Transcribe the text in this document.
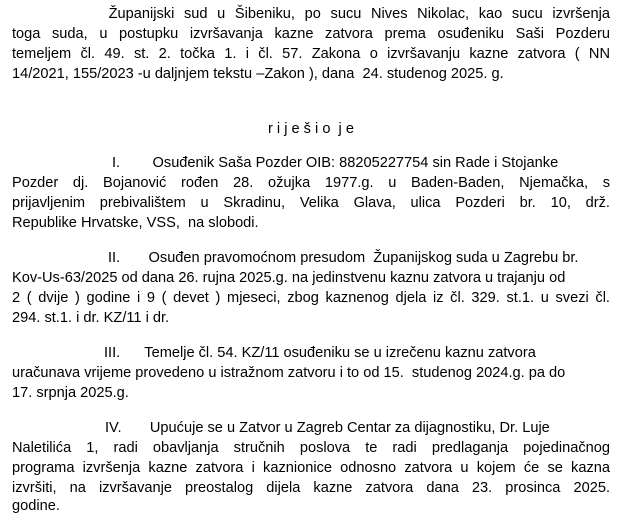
Županijski sud u Šibeniku, po sucu Nives Nikolac, kao sucu izvršenja
toga suda, u postupku izvršavanja kazne zatvora prema osuđeniku Saši Pozderu
temeljem čl. 49. st. 2. točka 1. i čl. 57. Zakona o izvršavanju kazne zatvora ( NN
14/2021, 155/2023 -u daljnjem tekstu –Zakon ), dana  24. studenog 2025. g.
r i j e š i o  j e
I.        Osuđenik Saša Pozder OIB: 88205227754 sin Rade i Stojanke
Pozder dj. Bojanović rođen 28. ožujka 1977.g. u Baden-Baden, Njemačka, s
prijavljenim prebivalištem u Skradinu, Velika Glava, ulica Pozderi br. 10, drž.
Republike Hrvatske, VSS,  na slobodi.
II.       Osuđen pravomoćnom presudom  Županijskog suda u Zagrebu br.
Kov-Us-63/2025 od dana 26. rujna 2025.g. na jedinstvenu kaznu zatvora u trajanju od
2 ( dvije ) godine i 9 ( devet ) mjeseci, zbog kaznenog djela iz čl. 329. st.1. u svezi čl.
294. st.1. i dr. KZ/11 i dr.
III.      Temelje čl. 54. KZ/11 osuđeniku se u izrečenu kaznu zatvora
uračunava vrijeme provedeno u istražnom zatvoru i to od 15.  studenog 2024.g. pa do
17. srpnja 2025.g.
IV.       Upućuje se u Zatvor u Zagreb Centar za dijagnostiku, Dr. Luje
Naletilića 1, radi obavljanja stručnih poslova te radi predlaganja pojedinačnog
programa izvršenja kazne zatvora i kaznionice odnosno zatvora u kojem će se kazna
izvršiti, na izvršavanje preostalog dijela kazne zatvora dana 23. prosinca 2025.
godine.
